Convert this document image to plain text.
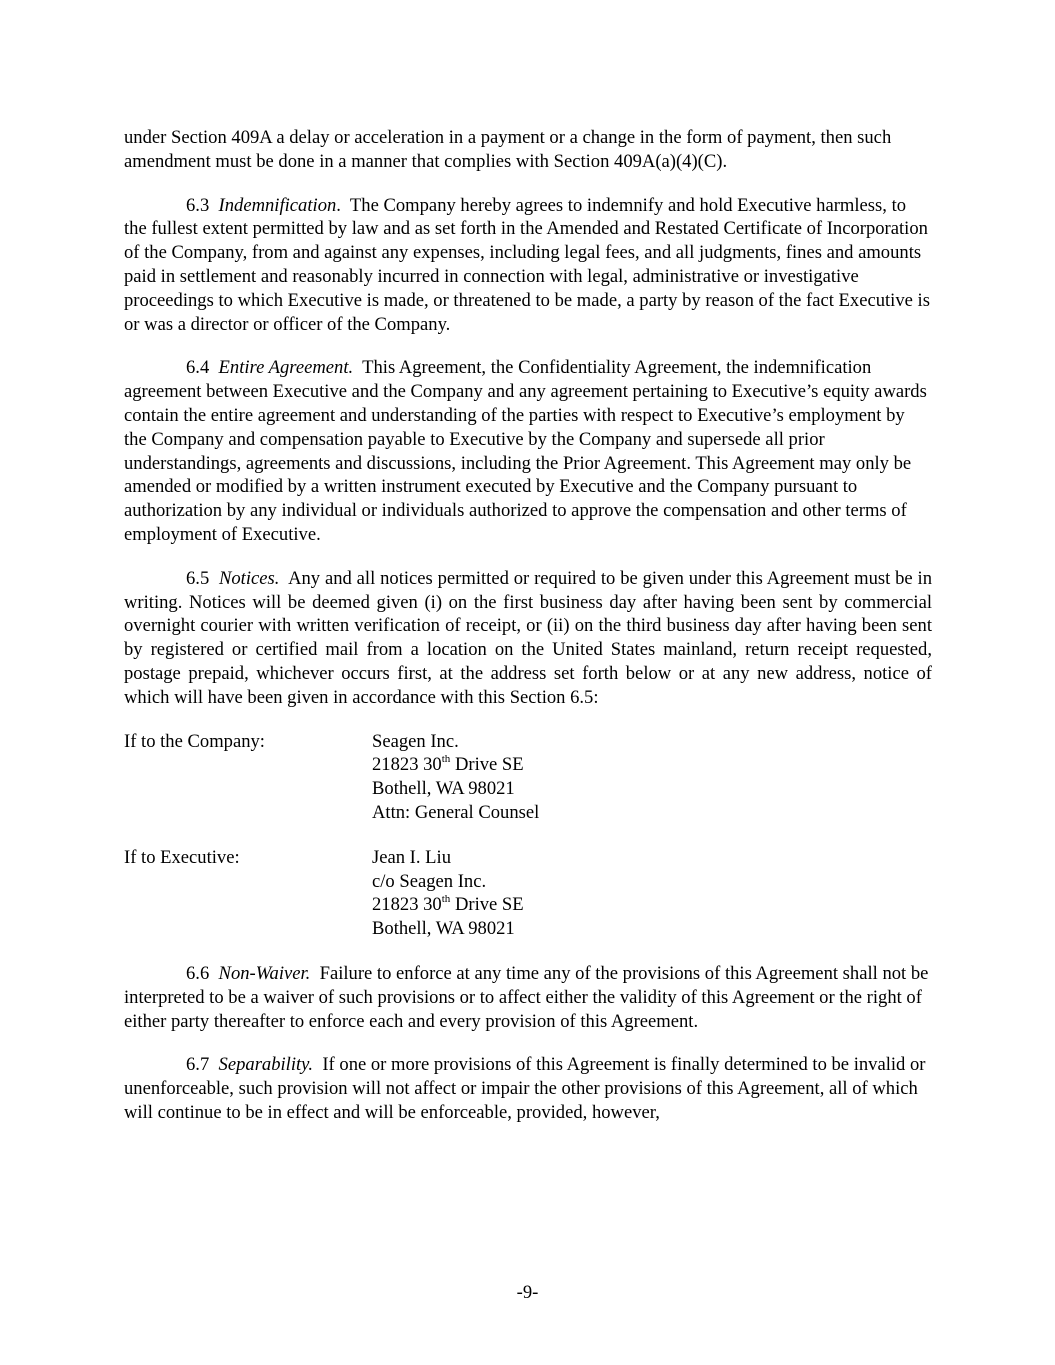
under Section 409A a delay or acceleration in a payment or a change in the form of payment, then such amendment must be done in a manner that complies with Section 409A(a)(4)(C).

6.3 Indemnification. The Company hereby agrees to indemnify and hold Executive harmless, to the fullest extent permitted by law and as set forth in the Amended and Restated Certificate of Incorporation of the Company, from and against any expenses, including legal fees, and all judgments, fines and amounts paid in settlement and reasonably incurred in connection with legal, administrative or investigative proceedings to which Executive is made, or threatened to be made, a party by reason of the fact Executive is or was a director or officer of the Company.

6.4 Entire Agreement. This Agreement, the Confidentiality Agreement, the indemnification agreement between Executive and the Company and any agreement pertaining to Executive’s equity awards contain the entire agreement and understanding of the parties with respect to Executive’s employment by the Company and compensation payable to Executive by the Company and supersede all prior understandings, agreements and discussions, including the Prior Agreement. This Agreement may only be amended or modified by a written instrument executed by Executive and the Company pursuant to authorization by any individual or individuals authorized to approve the compensation and other terms of employment of Executive.

6.5 Notices. Any and all notices permitted or required to be given under this Agreement must be in writing. Notices will be deemed given (i) on the first business day after having been sent by commercial overnight courier with written verification of receipt, or (ii) on the third business day after having been sent by registered or certified mail from a location on the United States mainland, return receipt requested, postage prepaid, whichever occurs first, at the address set forth below or at any new address, notice of which will have been given in accordance with this Section 6.5:

If to the Company:	Seagen Inc.
21823 30th Drive SE
Bothell, WA 98021
Attn: General Counsel
If to Executive:	Jean I. Liu
c/o Seagen Inc.
21823 30th Drive SE
Bothell, WA 98021

6.6 Non-Waiver. Failure to enforce at any time any of the provisions of this Agreement shall not be interpreted to be a waiver of such provisions or to affect either the validity of this Agreement or the right of either party thereafter to enforce each and every provision of this Agreement.

6.7 Separability. If one or more provisions of this Agreement is finally determined to be invalid or unenforceable, such provision will not affect or impair the other provisions of this Agreement, all of which will continue to be in effect and will be enforceable, provided, however,

-9-
